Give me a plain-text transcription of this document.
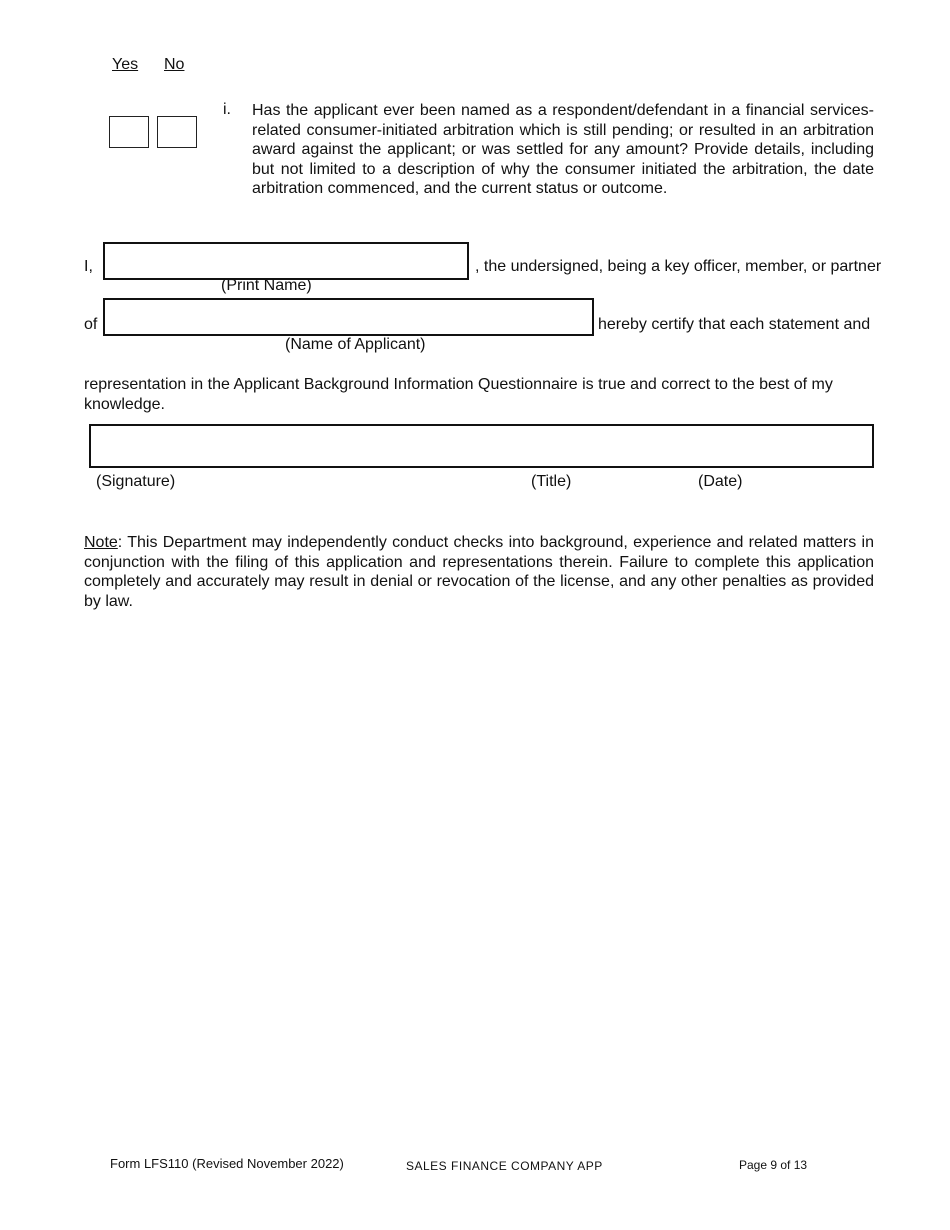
Yes No
i. Has the applicant ever been named as a respondent/defendant in a financial services-related consumer-initiated arbitration which is still pending; or resulted in an arbitration award against the applicant; or was settled for any amount? Provide details, including but not limited to a description of why the consumer initiated the arbitration, the date arbitration commenced, and the current status or outcome.
I,	, the undersigned, being a key officer, member, or partner
(Print Name)
of	hereby certify that each statement and
(Name of Applicant)
representation in the Applicant Background Information Questionnaire is true and correct to the best of my knowledge.
(Signature)	(Title)	(Date)
Note: This Department may independently conduct checks into background, experience and related matters in conjunction with the filing of this application and representations therein. Failure to complete this application completely and accurately may result in denial or revocation of the license, and any other penalties as provided by law.
Form LFS110 (Revised November 2022)	SALES FINANCE COMPANY APP	Page 9 of 13
